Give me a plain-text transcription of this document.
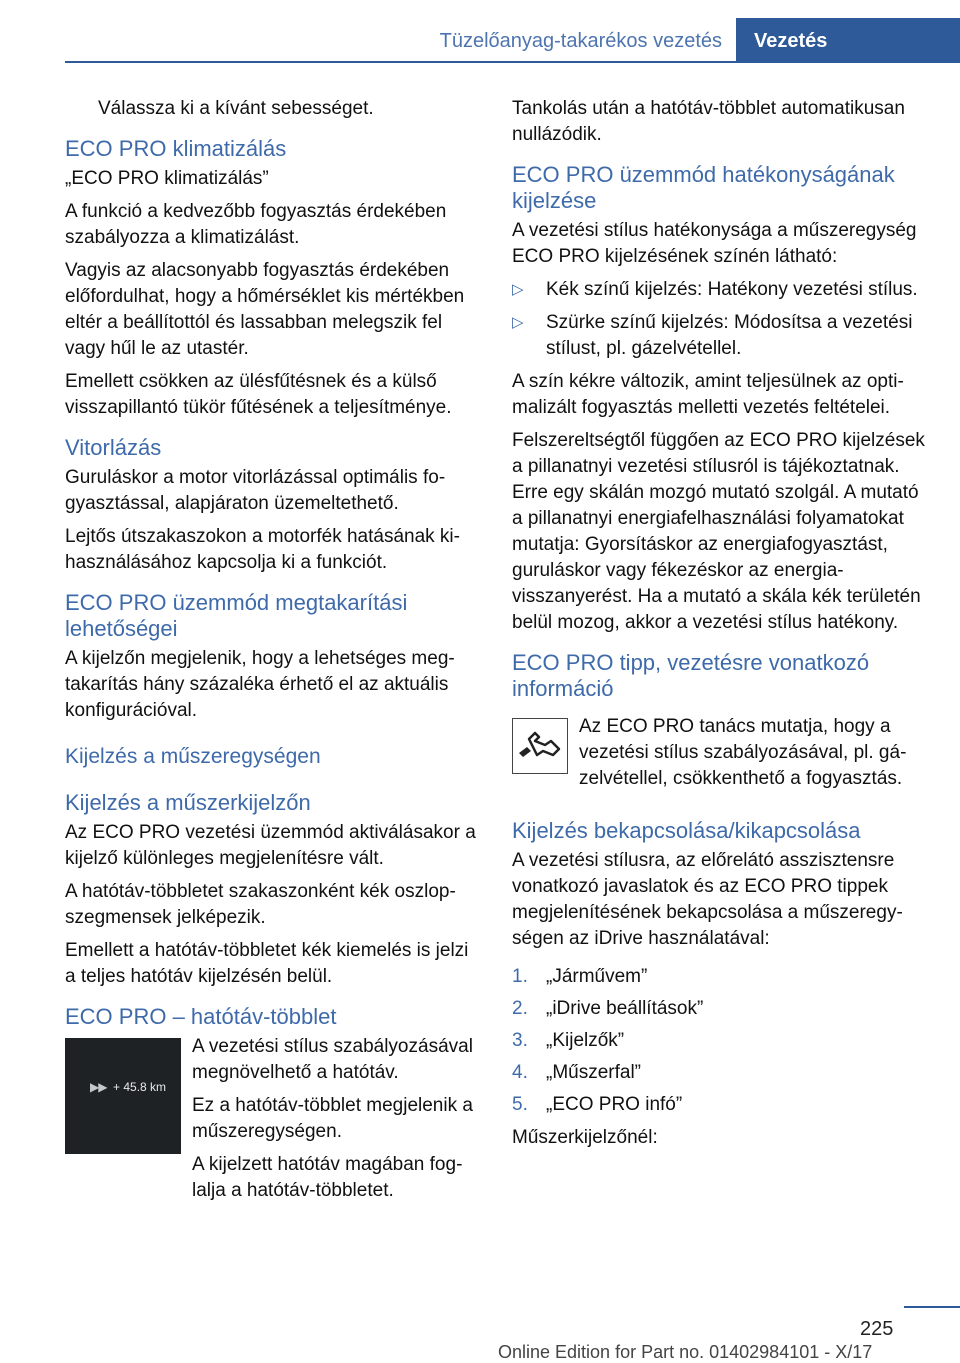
Tüzelőanyag-takarékos vezetés Vezetés

Válassza ki a kívánt sebességet.

ECO PRO klimatizálás

„ECO PRO klimatizálás”

A funkció a kedvezőbb fogyasztás érdekében szabályozza a klimatizálást.

Vagyis az alacsonyabb fogyasztás érdekében előfordulhat, hogy a hőmérséklet kis mértékben eltér a beállítottól és lassabban melegszik fel vagy hűl le az utastér.

Emellett csökken az ülésfűtésnek és a külső visszapillantó tükör fűtésének a teljesítménye.

Vitorlázás

Guruláskor a motor vitorlázással optimális fogyasztással, alapjáraton üzemeltethető.

Lejtős útszakaszokon a motorfék hatásának kihasználásához kapcsolja ki a funkciót.

ECO PRO üzemmód megtakarítási lehetőségei

A kijelzőn megjelenik, hogy a lehetséges megtakarítás hány százaléka érhető el az aktuális konfigurációval.

Kijelzés a műszeregységen
Kijelzés a műszerkijelzőn

Az ECO PRO vezetési üzemmód aktiválásakor a kijelző különleges megjelenítésre vált.

A hatótáv-többletet szakaszonként kék oszlopszegmensek jelképezik.

Emellett a hatótáv-többletet kék kiemelés is jelzi a teljes hatótáv kijelzésén belül.

ECO PRO – hatótáv-többlet
▶▶ + 45.8 km

A vezetési stílus szabályozásával megnövelhető a hatótáv.

Ez a hatótáv-többlet megjelenik a műszeregységen.

A kijelzett hatótáv magában foglalja a hatótáv-többletet.

Tankolás után a hatótáv-többlet automatikusan nullázódik.

ECO PRO üzemmód hatékonyságának kijelzése

A vezetési stílus hatékonysága a műszeregység ECO PRO kijelzésének színén látható:

▷ Kék színű kijelzés: Hatékony vezetési stílus.
▷ Szürke színű kijelzés: Módosítsa a vezetési stílust, pl. gázelvétellel.

A szín kékre változik, amint teljesülnek az optimalizált fogyasztás melletti vezetés feltételei.

Felszereltségtől függően az ECO PRO kijelzések a pillanatnyi vezetési stílusról is tájékoztatnak. Erre egy skálán mozgó mutató szolgál. A mutató a pillanatnyi energiafelhasználási folyamatokat mutatja: Gyorsításkor az energiafogyasztást, guruláskor vagy fékezéskor az energia-visszanyerést. Ha a mutató a skála kék területén belül mozog, akkor a vezetési stílus hatékony.

ECO PRO tipp, vezetésre vonatkozó információ

Az ECO PRO tanács mutatja, hogy a vezetési stílus szabályozásával, pl. gázelvétellel, csökkenthető a fogyasztás.

Kijelzés bekapcsolása/kikapcsolása

A vezetési stílusra, az előrelátó asszisztensre vonatkozó javaslatok és az ECO PRO tippek megjelenítésének bekapcsolása a műszeregységen az iDrive használatával:

1. „Járművem”
2. „iDrive beállítások”
3. „Kijelzők”
4. „Műszerfal”
5. „ECO PRO infó”

Műszerkijelzőnél:

225
Online Edition for Part no. 01402984101 - X/17
